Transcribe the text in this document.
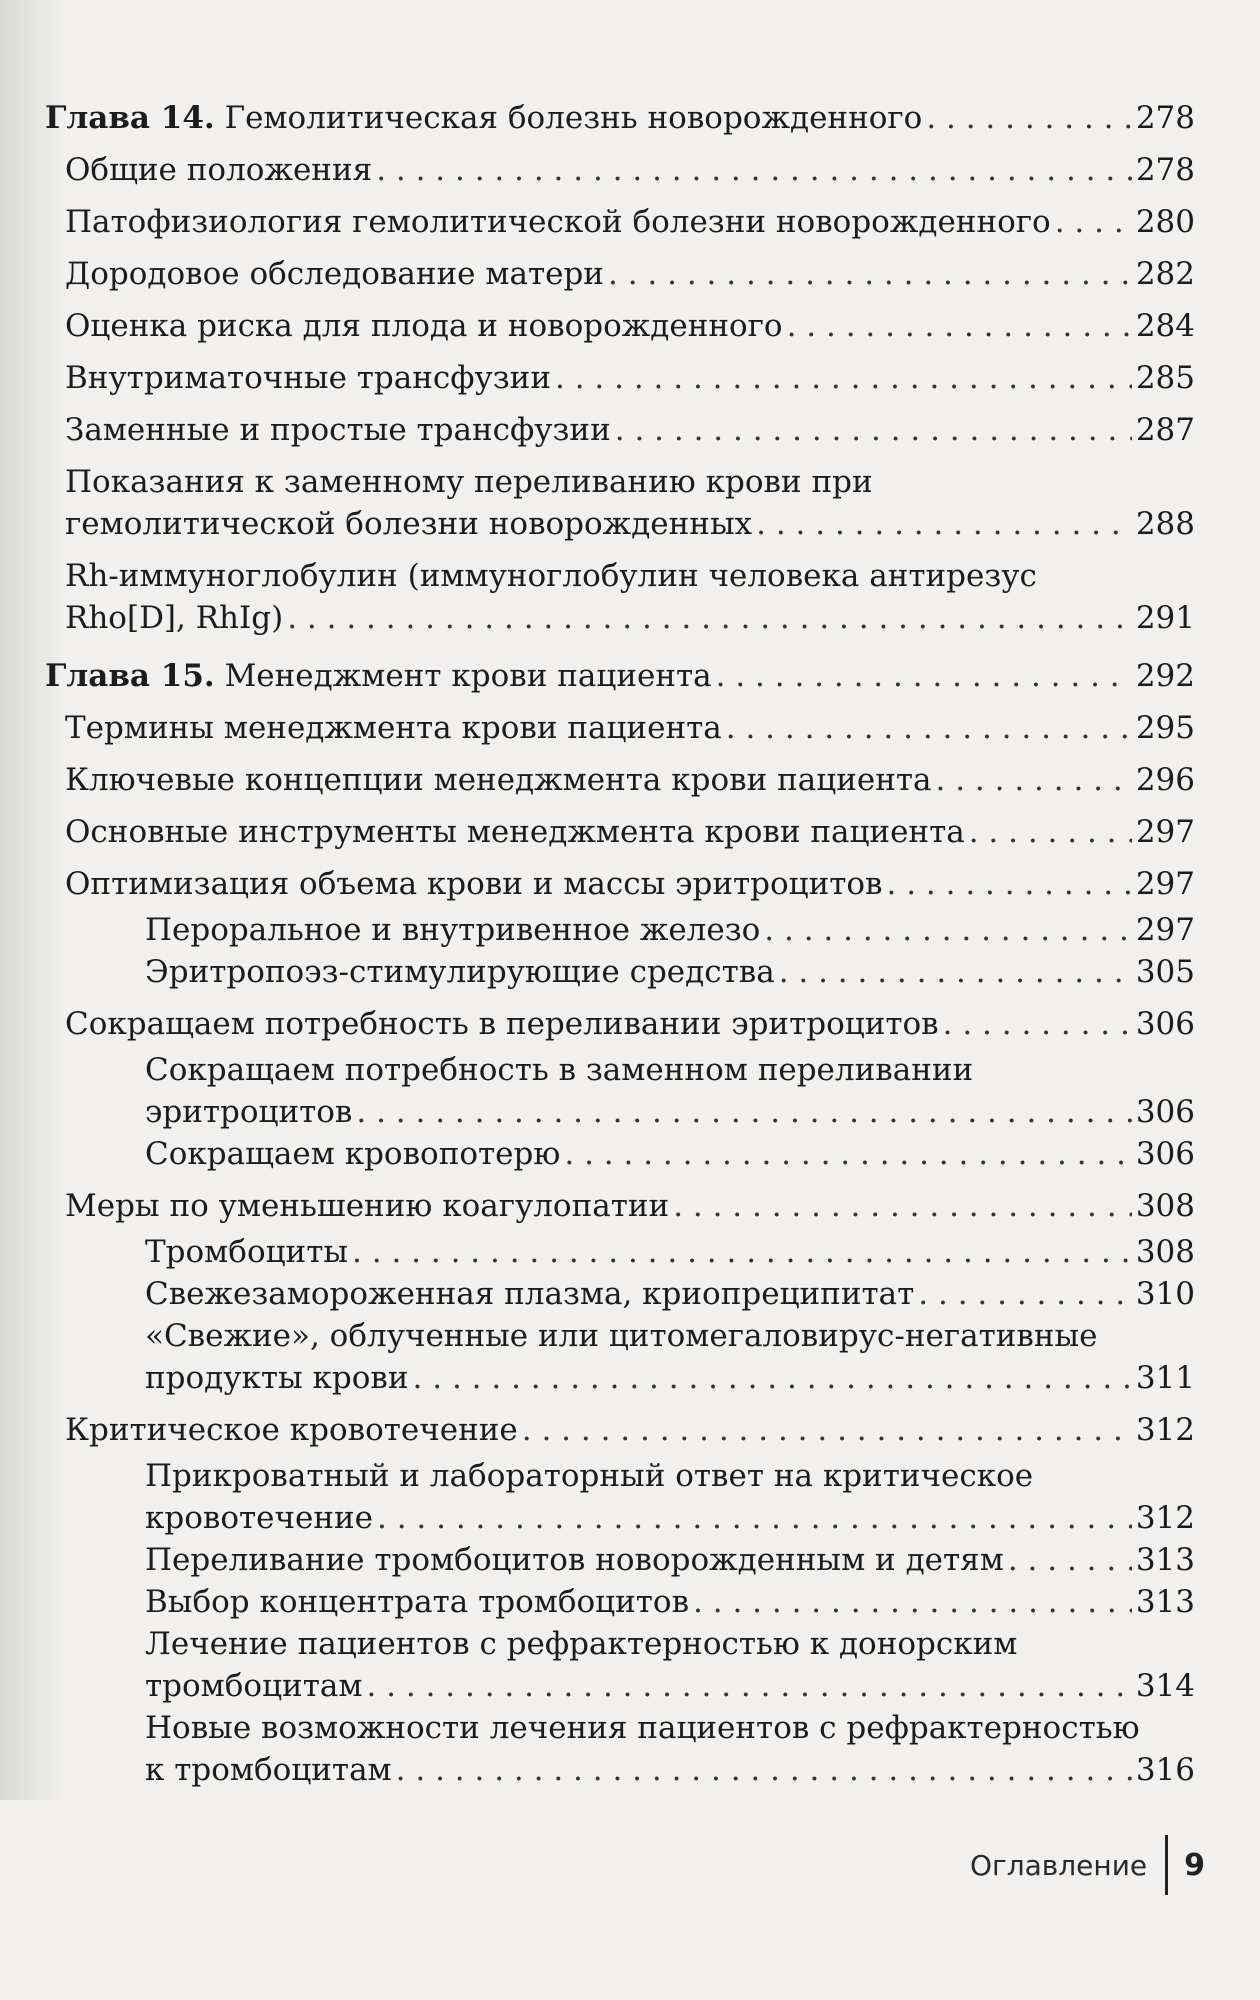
Глава 14. Гемолитическая болезнь новорожденного . . .	278
Общие положения . . .	278
Патофизиология гемолитической болезни новорожденного . . .	280
Дородовое обследование матери . . .	282
Оценка риска для плода и новорожденного . . .	284
Внутриматочные трансфузии . . .	285
Заменные и простые трансфузии . . .	287
Показания к заменному переливанию крови при
гемолитической болезни новорожденных . . .	288
Rh-иммуноглобулин (иммуноглобулин человека антирезус
Rho[D], RhIg) . . .	291
Глава 15. Менеджмент крови пациента . . .	292
Термины менеджмента крови пациента . . .	295
Ключевые концепции менеджмента крови пациента . . .	296
Основные инструменты менеджмента крови пациента . . .	297
Оптимизация объема крови и массы эритроцитов . . .	297
Пероральное и внутривенное железо . . .	297
Эритропоэз-стимулирующие средства . . .	305
Сокращаем потребность в переливании эритроцитов . . .	306
Сокращаем потребность в заменном переливании
эритроцитов . . .	306
Сокращаем кровопотерю . . .	306
Меры по уменьшению коагулопатии . . .	308
Тромбоциты . . .	308
Свежезамороженная плазма, криопреципитат . . .	310
«Свежие», облученные или цитомегаловирус-негативные
продукты крови . . .	311
Критическое кровотечение . . .	312
Прикроватный и лабораторный ответ на критическое
кровотечение . . .	312
Переливание тромбоцитов новорожденным и детям . . .	313
Выбор концентрата тромбоцитов . . .	313
Лечение пациентов с рефрактерностью к донорским
тромбоцитам . . .	314
Новые возможности лечения пациентов с рефрактерностью
к тромбоцитам . . .	316
Оглавление 9
